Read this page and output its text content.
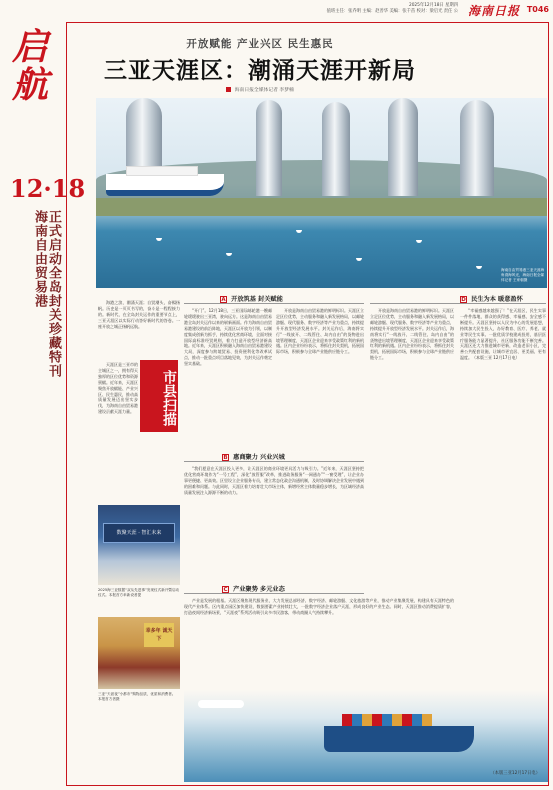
2025年12月18日 星期四
值班主任：张乔明 主编：赵善华 美编：张千苗 校对：梁启光 责任 公 海南日报 T046
启航
12·18
正式启动全岛封关珍藏特刊
海南自由贸易港	海港之滨，潮涌天涯；自贸潮头，奋楫扬帆。历史是一页页书写的，奋斗是一程程接力的。新时代，在全岛封关运作的重要节点上，三亚天涯区以实际行动答好新时代的答卷。一座开放之城正扬帆远航。

市县扫描

天涯区是三亚市的主城区之一，拥有得天独厚的区位优势和资源禀赋。近年来，天涯区聚焦开放赋能、产业兴区、民生惠民，推动高质量发展迈出坚实步伐，为海南自由贸易港建设贡献天涯力量。

数聚天涯 · 智汇未来
2025海三亚数据“双从先进事”发现仪式新开暨启动仪式。本报首方举新设者提
幸多年 诚天下
三亚“天涯夜”小都市“购物品质，优质和消费者。 本报首方者摄
开放赋能 产业兴区 民生惠民
三亚天涯区：潮涌天涯开新局
海南日报全媒体记者 李梦楠
海南自由贸易港三亚天涯海角湾海风光，海南日报全媒体记者 王家朝摄
A 开放筑基 封关赋能

“开门”。12月18日，三亚国际邮轮港一艘邮轮缓缓驶出三亚湾，驶向远方。这是海南自由贸易港全岛封关运作以来的崭新画面。作为海南自由贸易港建设的前沿阵地，天涯区以开放为引领，以制度集成创新为抓手，持续优化营商环境，全面对接国际高标准经贸规则，着力打造开放型经济新高地。近年来，天涯区积极融入海南自由贸易港建设大局，深度参与跨境贸易、投资便利化等改革试点，推动一批重点项目落地见效，为封关运作奠定坚实基础。

开放是海南自由贸易港的鲜明标识。天涯区立足区位优势，主动服务和融入新发展格局，以邮轮游艇、现代服务、数字经济等产业为重点，持续提升开放型经济发展水平。封关运作后，海南将实行“一线放开、二线管住、岛内自由”的货物进出境管理制度，天涯区企业迎来享受政策红利的新机遇。区内企业纷纷表示，将抓住封关契机，拓展国际市场，积极参与全球产业链供应链分工。

B 惠商聚力 兴业兴城

“我们愿意在天涯区投入更多，让天涯区的商业环境更具活力与吸引力。”近年来，天涯区坚持把优化营商环境作为“一号工程”，深化“放管服”改革，推进政务服务“一网通办”“一窗受理”，让企业办事更便捷、更高效。区里设立企业服务专员，建立常态化政企沟通机制，及时协调解决企业发展中遇到的困难和问题。与此同时，天涯区着力培育壮大市场主体，新增经营主体数量稳步增长，为区域经济高质量发展注入源源不断的动力。

C 产业聚势 多元业态

产业是发展的根基。天涯区聚焦现代服务业，大力发展总部经济、数字经济、邮轮游艇、文化旅游等产业，推动产业集聚发展，构建具有天涯特色的现代产业体系。区内重点园区加快建设，数据要素产业持续壮大，一批数字经济企业落户天涯，形成良好的产业生态。同时，天涯区推动消费提质扩容，打造夜间经济新场景，“天涯夜”系列活动吸引众多市民游客，带动商圈人气持续攀升。

D 民生为本 暖意盈怀

开放是海南自由贸易港的鲜明标识。天涯区立足区位优势，主动服务和融入新发展格局，以邮轮游艇、现代服务、数字经济等产业为重点，持续提升开放型经济发展水平。封关运作后，海南将实行“一线放开、二线管住、岛内自由”的货物进出境管理制度，天涯区企业迎来享受政策红利的新机遇。区内企业纷纷表示，将抓住封关契机，拓展国际市场，积极参与全球产业链供应链分工。

“幸福感越来越强了！”在天涯区，民生实事一件件落地，群众的获得感、幸福感、安全感不断提升。天涯区坚持以人民为中心的发展思想，持续加大民生投入，办好教育、医疗、养老、就业等民生实事。一批优质学校建成投用，基层医疗服务能力显著提升，社区服务功能不断完善。天涯区还大力推进城市更新，改造老旧小区，完善公共配套设施，让城市更宜居、更美丽、更有温度。（本版三亚 12月17日电）

（本版三亚12月17日电）
